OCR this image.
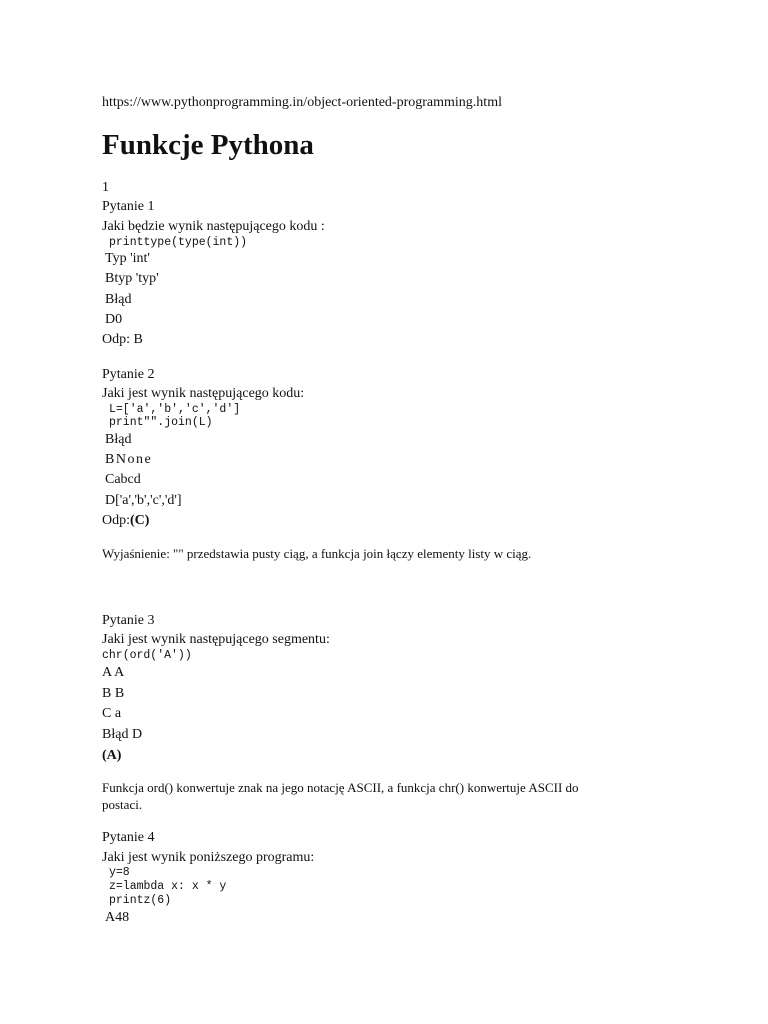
https://www.pythonprogramming.in/object-oriented-programming.html
Funkcje Pythona
1
Pytanie 1
Jaki będzie wynik następującego kodu :
printtype(type(int))
Typ 'int'
Btyp 'typ'
Błąd
D0
Odp: B
Pytanie 2
Jaki jest wynik następującego kodu:
L=['a','b','c','d']
print"".join(L)
Błąd
BNone
Cabcd
D['a','b','c','d']
Odp:(C)
Wyjaśnienie: "" przedstawia pusty ciąg, a funkcja join łączy elementy listy w ciąg.
Pytanie 3
Jaki jest wynik następującego segmentu:
chr(ord('A'))
A A
B B
C a
Błąd D
(A)
Funkcja ord() konwertuje znak na jego notację ASCII, a funkcja chr() konwertuje ASCII do postaci.
Pytanie 4
Jaki jest wynik poniższego programu:
y=8
z=lambda x: x * y
printz(6)
A48
